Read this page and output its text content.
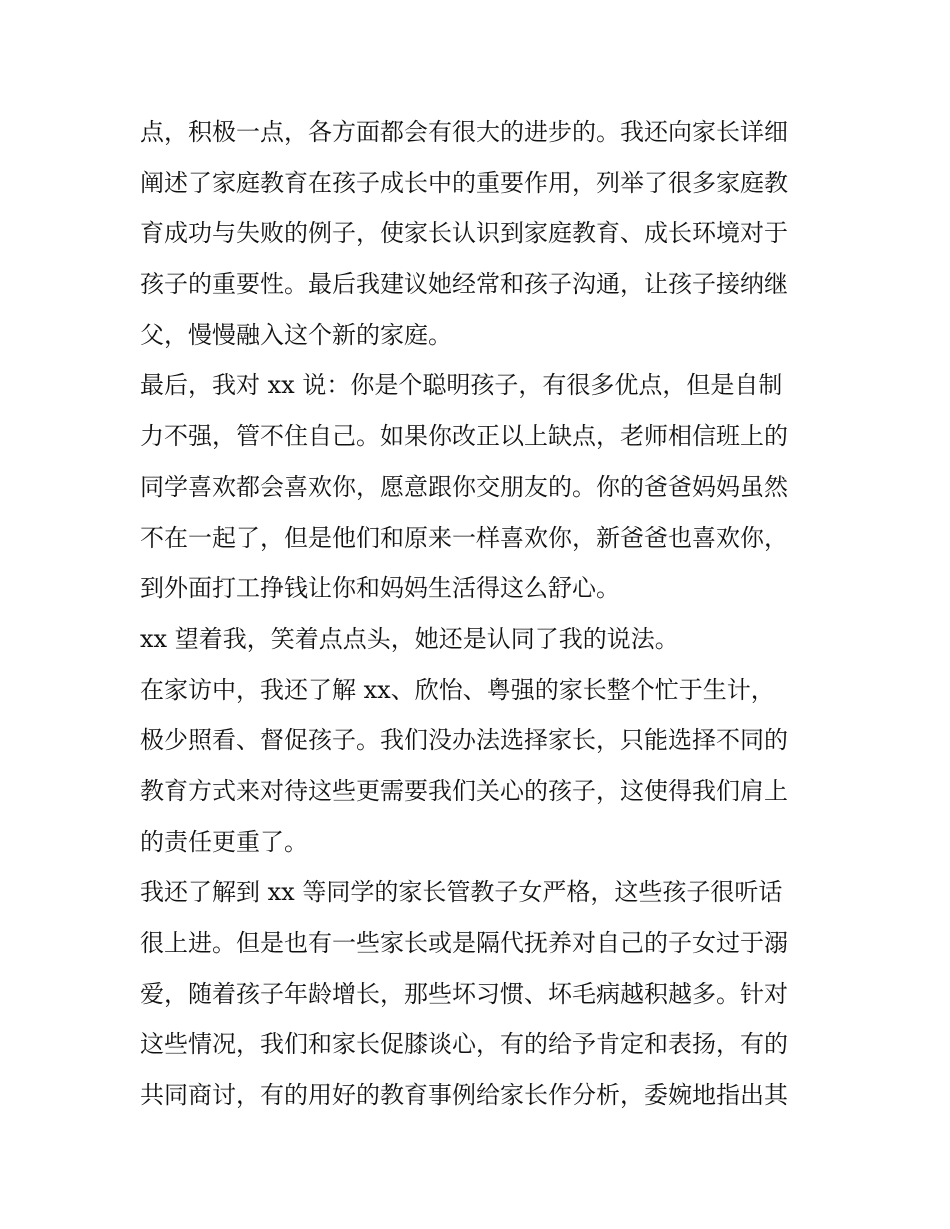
点，积极一点，各方面都会有很大的进步的。我还向家长详细
阐述了家庭教育在孩子成长中的重要作用，列举了很多家庭教
育成功与失败的例子，使家长认识到家庭教育、成长环境对于
孩子的重要性。最后我建议她经常和孩子沟通，让孩子接纳继
父，慢慢融入这个新的家庭。
最后，我对 xx 说：你是个聪明孩子，有很多优点，但是自制
力不强，管不住自己。如果你改正以上缺点，老师相信班上的
同学喜欢都会喜欢你，愿意跟你交朋友的。你的爸爸妈妈虽然
不在一起了，但是他们和原来一样喜欢你，新爸爸也喜欢你，
到外面打工挣钱让你和妈妈生活得这么舒心。
xx 望着我，笑着点点头，她还是认同了我的说法。
在家访中，我还了解 xx、欣怡、粤强的家长整个忙于生计，
极少照看、督促孩子。我们没办法选择家长，只能选择不同的
教育方式来对待这些更需要我们关心的孩子，这使得我们肩上
的责任更重了。
我还了解到 xx 等同学的家长管教子女严格，这些孩子很听话
很上进。但是也有一些家长或是隔代抚养对自己的子女过于溺
爱，随着孩子年龄增长，那些坏习惯、坏毛病越积越多。针对
这些情况，我们和家长促膝谈心，有的给予肯定和表扬，有的
共同商讨，有的用好的教育事例给家长作分析，委婉地指出其
